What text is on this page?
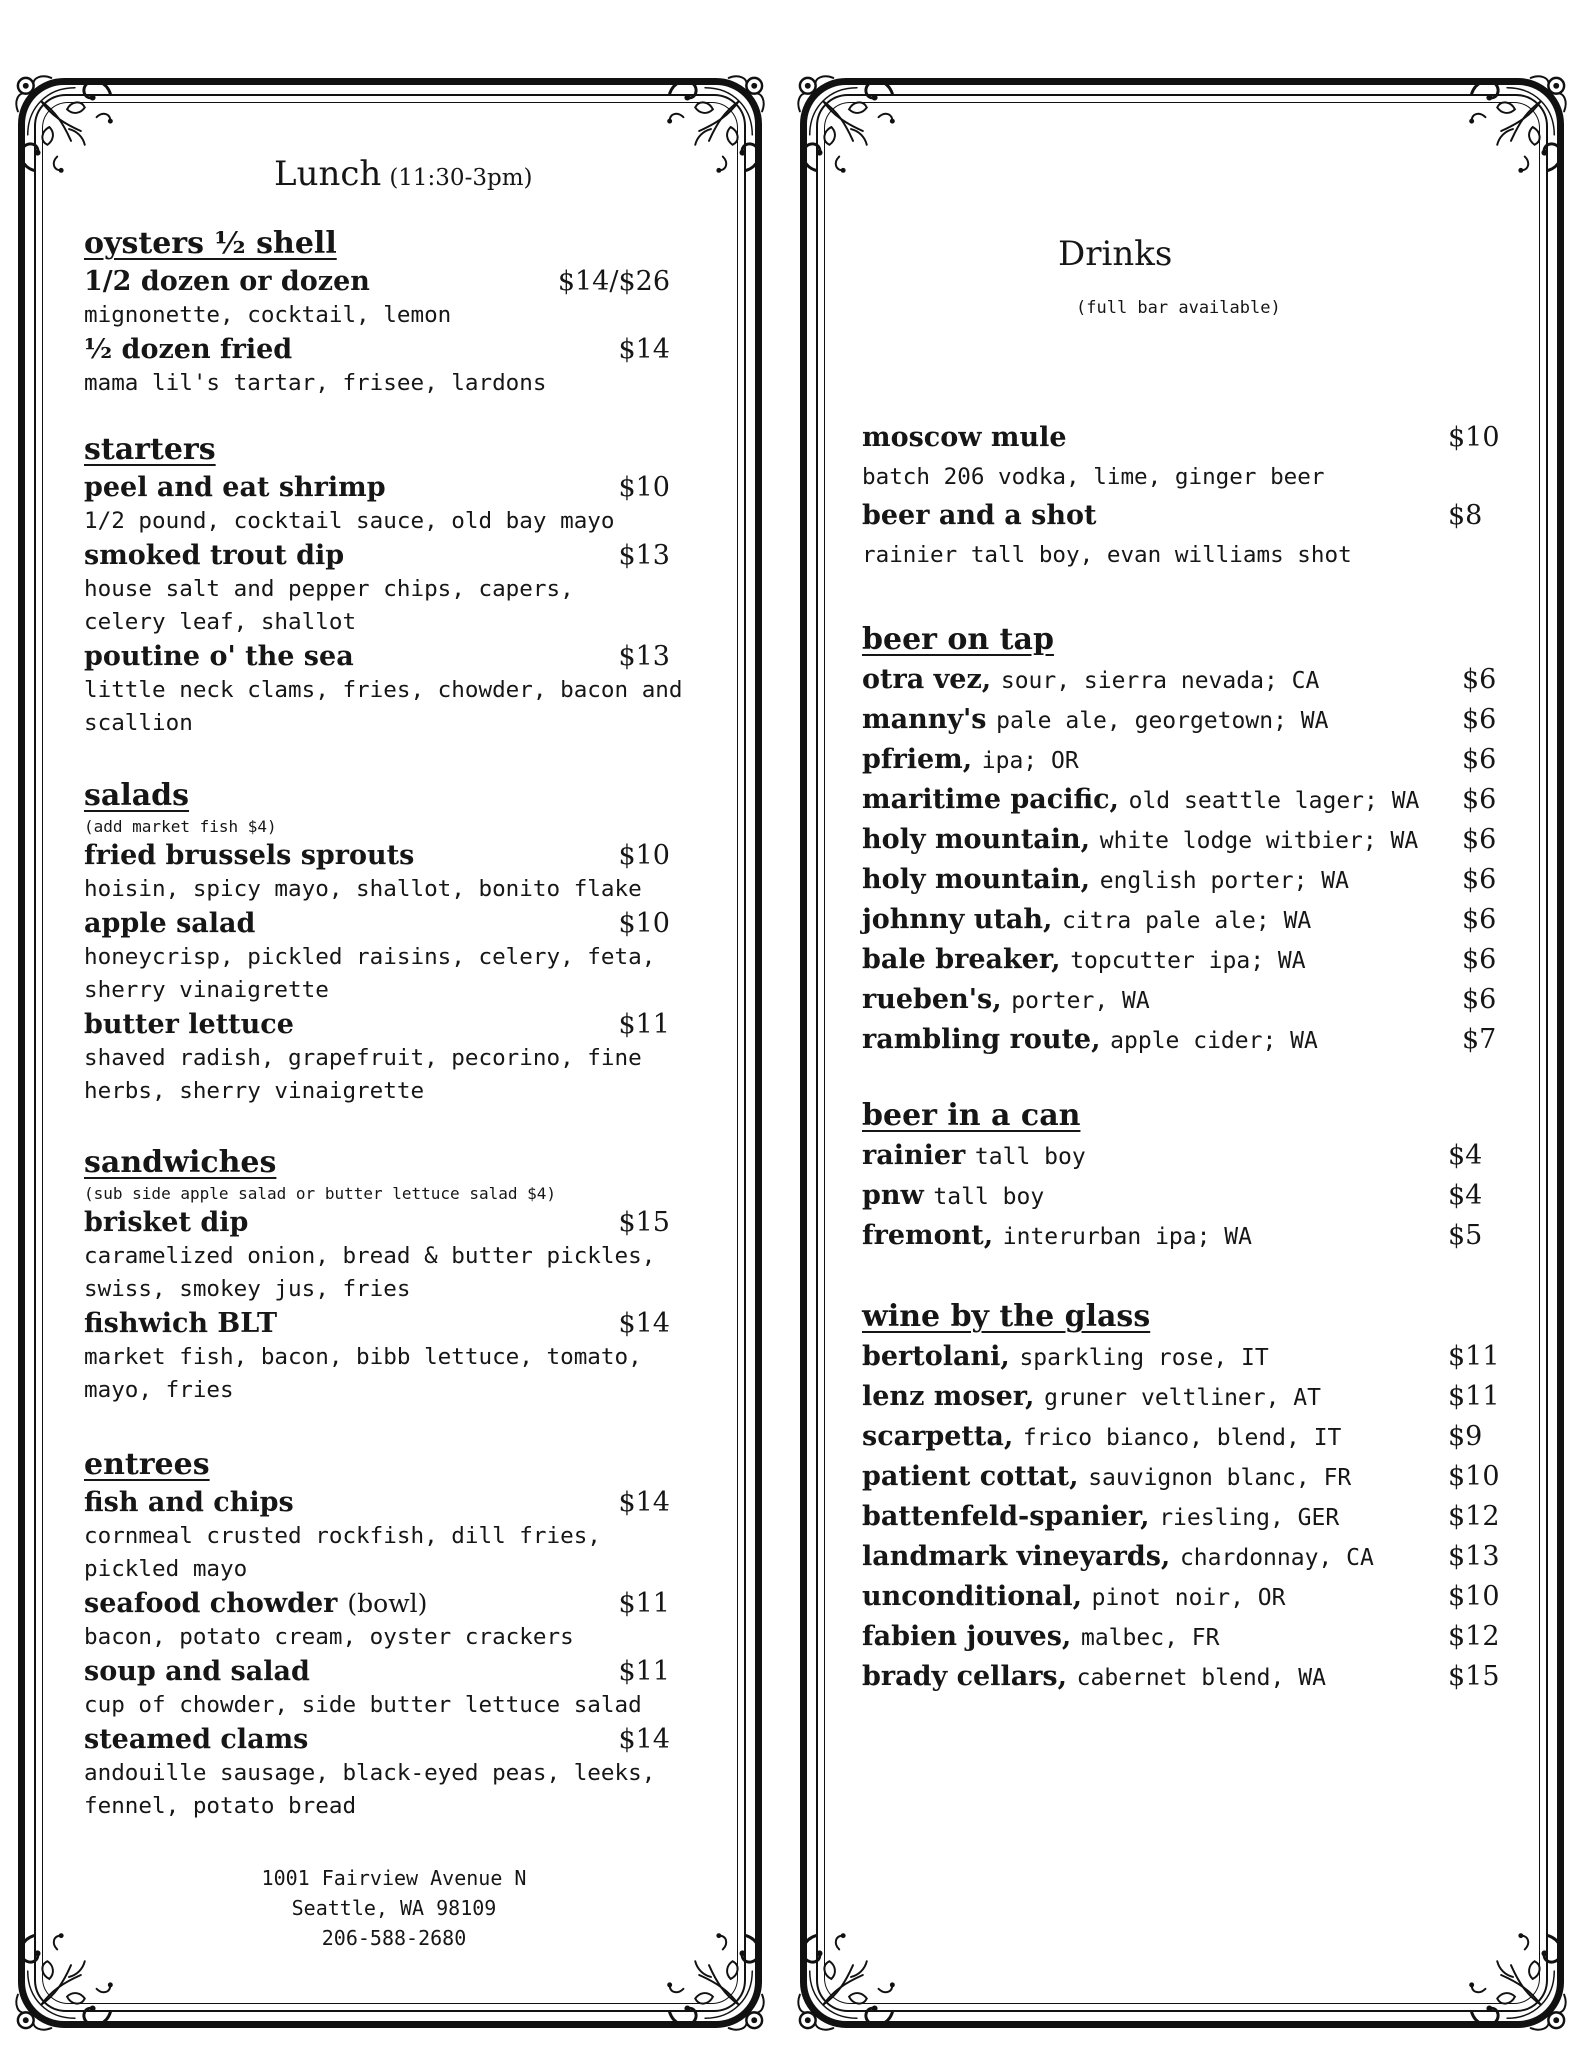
Lunch (11:30-3pm)
oysters ½ shell
1/2 dozen or dozen	$14/$26
mignonette, cocktail, lemon
½ dozen fried	$14
mama lil's tartar, frisee, lardons
starters
peel and eat shrimp	$10
1/2 pound, cocktail sauce, old bay mayo
smoked trout dip	$13
house salt and pepper chips, capers,
celery leaf, shallot
poutine o' the sea	$13
little neck clams, fries, chowder, bacon and
scallion
salads
(add market fish $4)
fried brussels sprouts	$10
hoisin, spicy mayo, shallot, bonito flake
apple salad	$10
honeycrisp, pickled raisins, celery, feta,
sherry vinaigrette
butter lettuce	$11
shaved radish, grapefruit, pecorino, fine
herbs, sherry vinaigrette
sandwiches
(sub side apple salad or butter lettuce salad $4)
brisket dip	$15
caramelized onion, bread & butter pickles,
swiss, smokey jus, fries
fishwich BLT	$14
market fish, bacon, bibb lettuce, tomato,
mayo, fries
entrees
fish and chips	$14
cornmeal crusted rockfish, dill fries,
pickled mayo
seafood chowder (bowl)	$11
bacon, potato cream, oyster crackers
soup and salad	$11
cup of chowder, side butter lettuce salad
steamed clams	$14
andouille sausage, black-eyed peas, leeks,
fennel, potato bread
1001 Fairview Avenue N
Seattle, WA 98109
206-588-2680
Drinks
(full bar available)
moscow mule	$10
batch 206 vodka, lime, ginger beer
beer and a shot	$8
rainier tall boy, evan williams shot
beer on tap
otra vez, sour, sierra nevada; CA	$6
manny's pale ale, georgetown; WA	$6
pfriem, ipa; OR	$6
maritime pacific, old seattle lager; WA $6
holy mountain, white lodge witbier; WA $6
holy mountain, english porter; WA	$6
johnny utah, citra pale ale; WA	$6
bale breaker, topcutter ipa; WA	$6
rueben's, porter, WA	$6
rambling route, apple cider; WA	$7
beer in a can
rainier tall boy	$4
pnw tall boy	$4
fremont, interurban ipa; WA	$5
wine by the glass
bertolani, sparkling rose, IT	$11
lenz moser, gruner veltliner, AT	$11
scarpetta, frico bianco, blend, IT	$9
patient cottat, sauvignon blanc, FR	$10
battenfeld-spanier, riesling, GER	$12
landmark vineyards, chardonnay, CA	$13
unconditional, pinot noir, OR	$10
fabien jouves, malbec, FR	$12
brady cellars, cabernet blend, WA	$15
